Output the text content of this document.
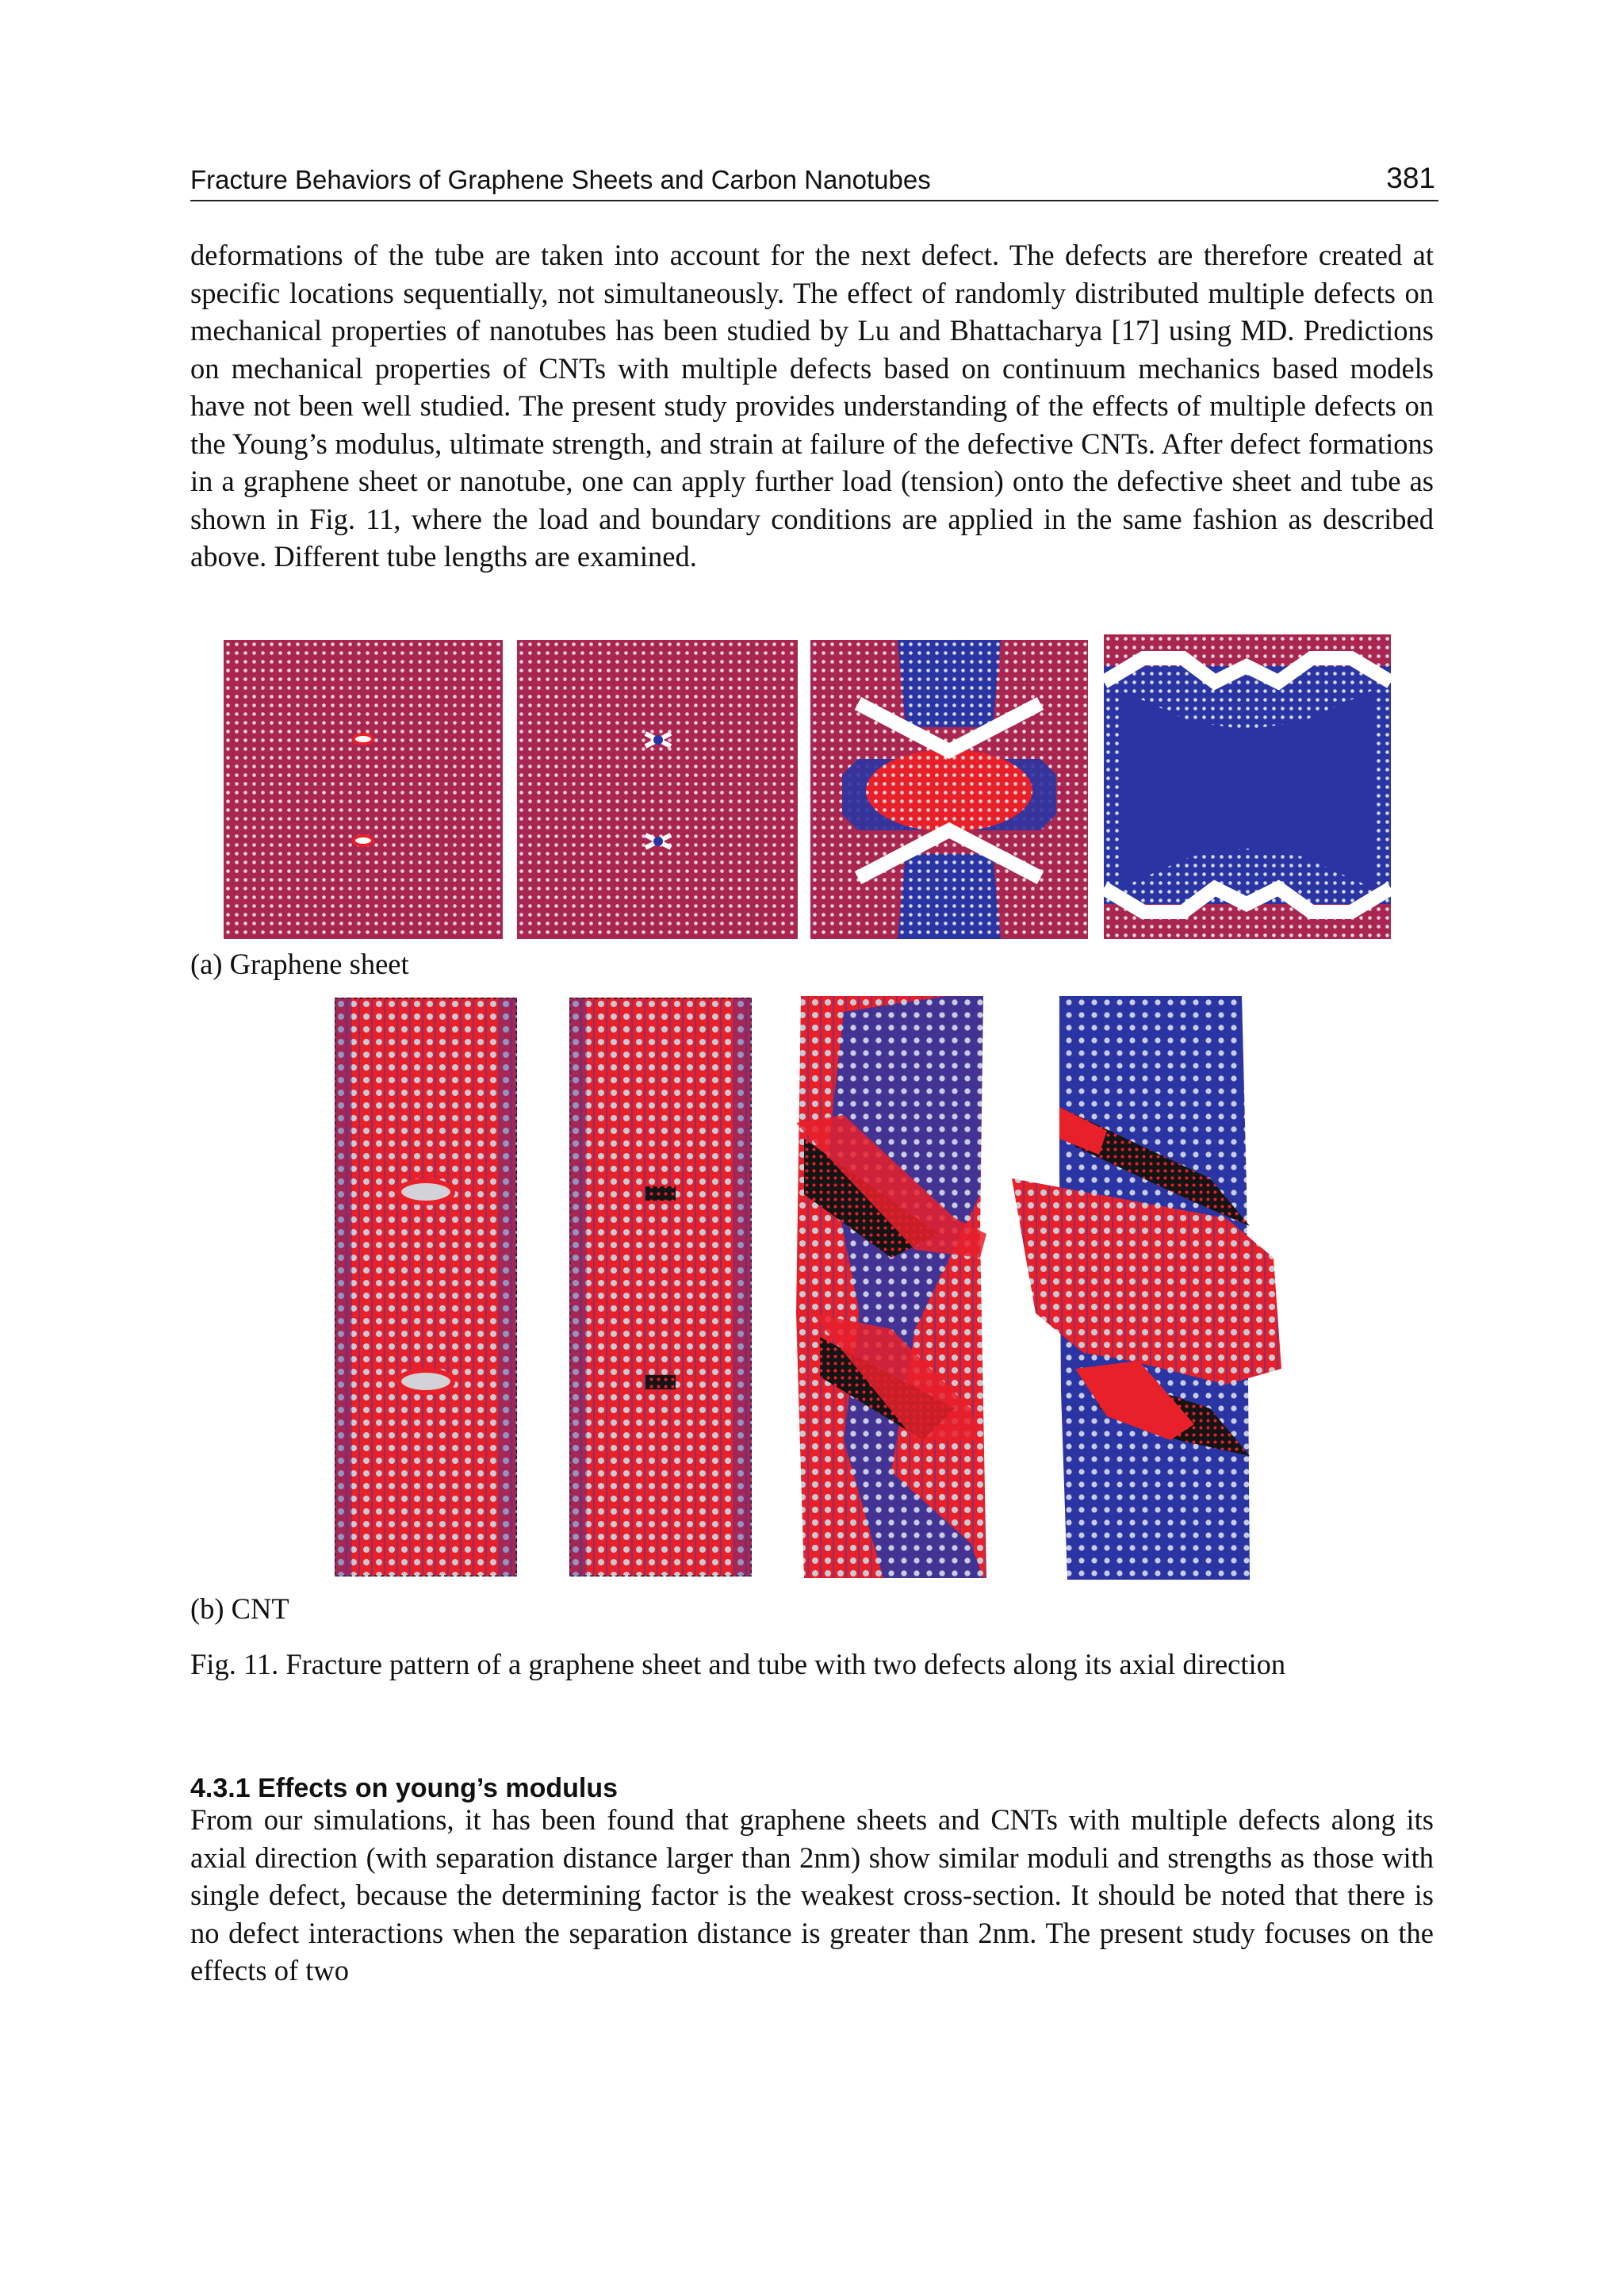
Fracture Behaviors of Graphene Sheets and Carbon Nanotubes	381

deformations of the tube are taken into account for the next defect. The defects are therefore created at specific locations sequentially, not simultaneously. The effect of randomly distributed multiple defects on mechanical properties of nanotubes has been studied by Lu and Bhattacharya [17] using MD. Predictions on mechanical properties of CNTs with multiple defects based on continuum mechanics based models have not been well studied. The present study provides understanding of the effects of multiple defects on the Young’s modulus, ultimate strength, and strain at failure of the defective CNTs. After defect formations in a graphene sheet or nanotube, one can apply further load (tension) onto the defective sheet and tube as shown in Fig. 11, where the load and boundary conditions are applied in the same fashion as described above. Different tube lengths are examined.

(a) Graphene sheet
(b) CNT
Fig. 11. Fracture pattern of a graphene sheet and tube with two defects along its axial direction
4.3.1 Effects on young’s modulus

From our simulations, it has been found that graphene sheets and CNTs with multiple defects along its axial direction (with separation distance larger than 2nm) show similar moduli and strengths as those with single defect, because the determining factor is the weakest cross-section. It should be noted that there is no defect interactions when the separation distance is greater than 2nm. The present study focuses on the effects of two
